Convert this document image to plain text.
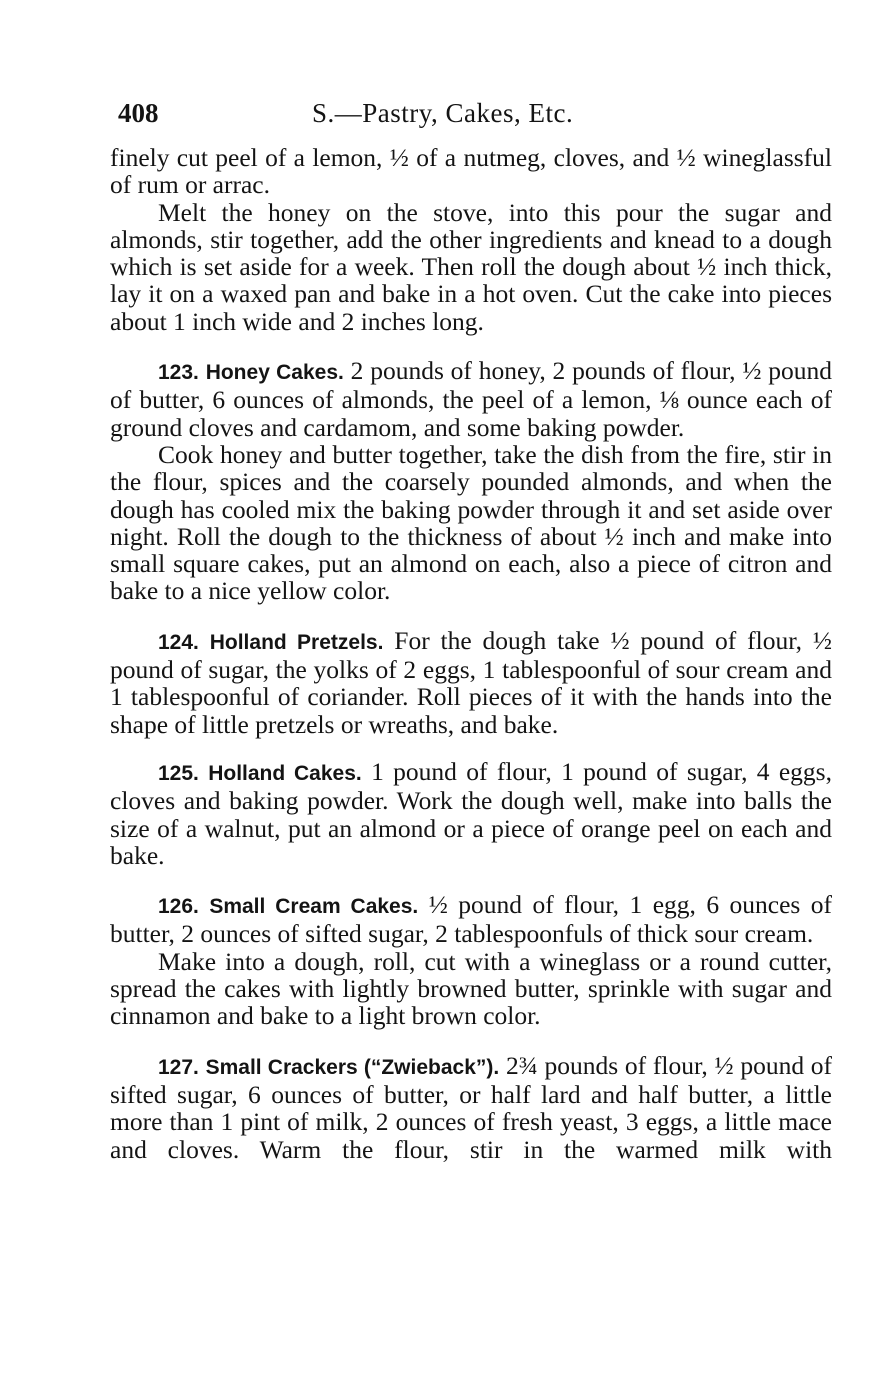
408	S.—Pastry, Cakes, Etc.

finely cut peel of a lemon, ½ of a nutmeg, cloves, and ½ wineglassful of rum or arrac.

Melt the honey on the stove, into this pour the sugar and almonds, stir together, add the other ingredients and knead to a dough which is set aside for a week. Then roll the dough about ½ inch thick, lay it on a waxed pan and bake in a hot oven. Cut the cake into pieces about 1 inch wide and 2 inches long.

123. Honey Cakes. 2 pounds of honey, 2 pounds of flour, ½ pound of butter, 6 ounces of almonds, the peel of a lemon, ⅛ ounce each of ground cloves and cardamom, and some baking powder.

Cook honey and butter together, take the dish from the fire, stir in the flour, spices and the coarsely pounded almonds, and when the dough has cooled mix the baking powder through it and set aside over night. Roll the dough to the thickness of about ½ inch and make into small square cakes, put an almond on each, also a piece of citron and bake to a nice yellow color.

124. Holland Pretzels. For the dough take ½ pound of flour, ½ pound of sugar, the yolks of 2 eggs, 1 tablespoonful of sour cream and 1 tablespoonful of coriander. Roll pieces of it with the hands into the shape of little pretzels or wreaths, and bake.

125. Holland Cakes. 1 pound of flour, 1 pound of sugar, 4 eggs, cloves and baking powder. Work the dough well, make into balls the size of a walnut, put an almond or a piece of orange peel on each and bake.

126. Small Cream Cakes. ½ pound of flour, 1 egg, 6 ounces of butter, 2 ounces of sifted sugar, 2 tablespoonfuls of thick sour cream.

Make into a dough, roll, cut with a wineglass or a round cutter, spread the cakes with lightly browned butter, sprinkle with sugar and cinnamon and bake to a light brown color.

127. Small Crackers (“Zwieback”). 2¾ pounds of flour, ½ pound of sifted sugar, 6 ounces of butter, or half lard and half butter, a little more than 1 pint of milk, 2 ounces of fresh yeast, 3 eggs, a little mace and cloves. Warm the flour, stir in the warmed milk with
